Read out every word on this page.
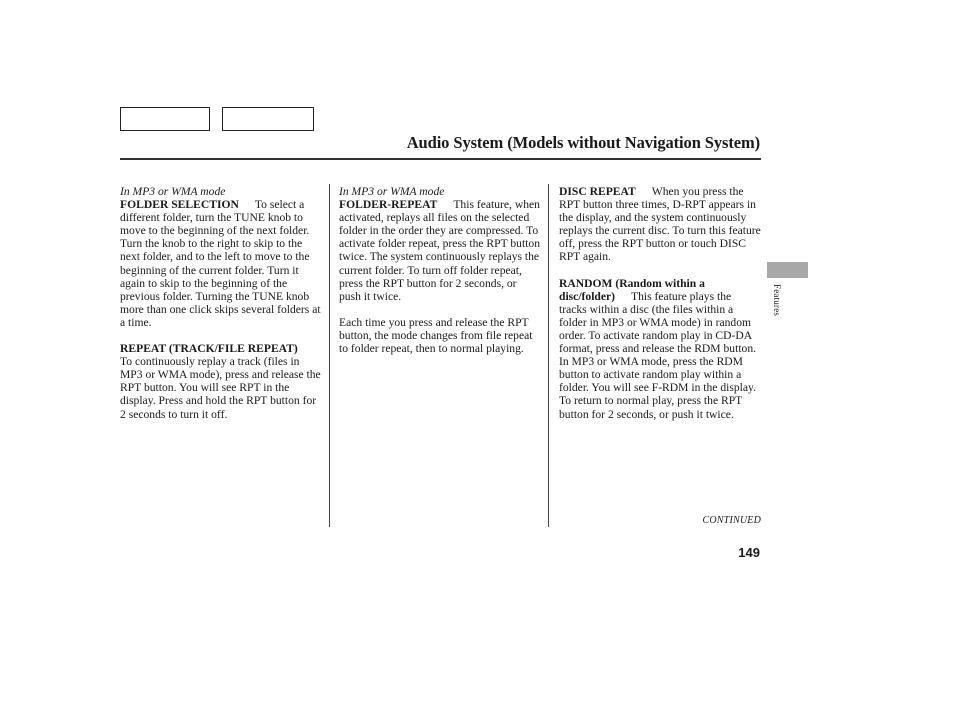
Audio System (Models without Navigation System)
In MP3 or WMA mode

FOLDER SELECTION To select a different folder, turn the TUNE knob to move to the beginning of the next folder. Turn the knob to the right to skip to the next folder, and to the left to move to the beginning of the current folder. Turn it again to skip to the beginning of the previous folder. Turning the TUNE knob more than one click skips several folders at a time.

REPEAT (TRACK/FILE REPEAT)To continuously replay a track (files in MP3 or WMA mode), press and release the RPT button. You will see RPT in the display. Press and hold the RPT button for 2 seconds to turn it off.

In MP3 or WMA mode

FOLDER-REPEAT This feature, when activated, replays all files on the selected folder in the order they are compressed. To activate folder repeat, press the RPT button twice. The system continuously replays the current folder. To turn off folder repeat, press the RPT button for 2 seconds, or push it twice.

Each time you press and release the RPT button, the mode changes from file repeat to folder repeat, then to normal playing.

DISC REPEAT When you press the RPT button three times, D-RPT appears in the display, and the system continuously replays the current disc. To turn this feature off, press the RPT button or touch DISC RPT again.

RANDOM (Random within a disc/folder) This feature plays the tracks within a disc (the files within a folder in MP3 or WMA mode) in random order. To activate random play in CD-DA format, press and release the RDM button. In MP3 or WMA mode, press the RDM button to activate random play within a folder. You will see F-RDM in the display. To return to normal play, press the RPT button for 2 seconds, or push it twice.

CONTINUED
149
Features
